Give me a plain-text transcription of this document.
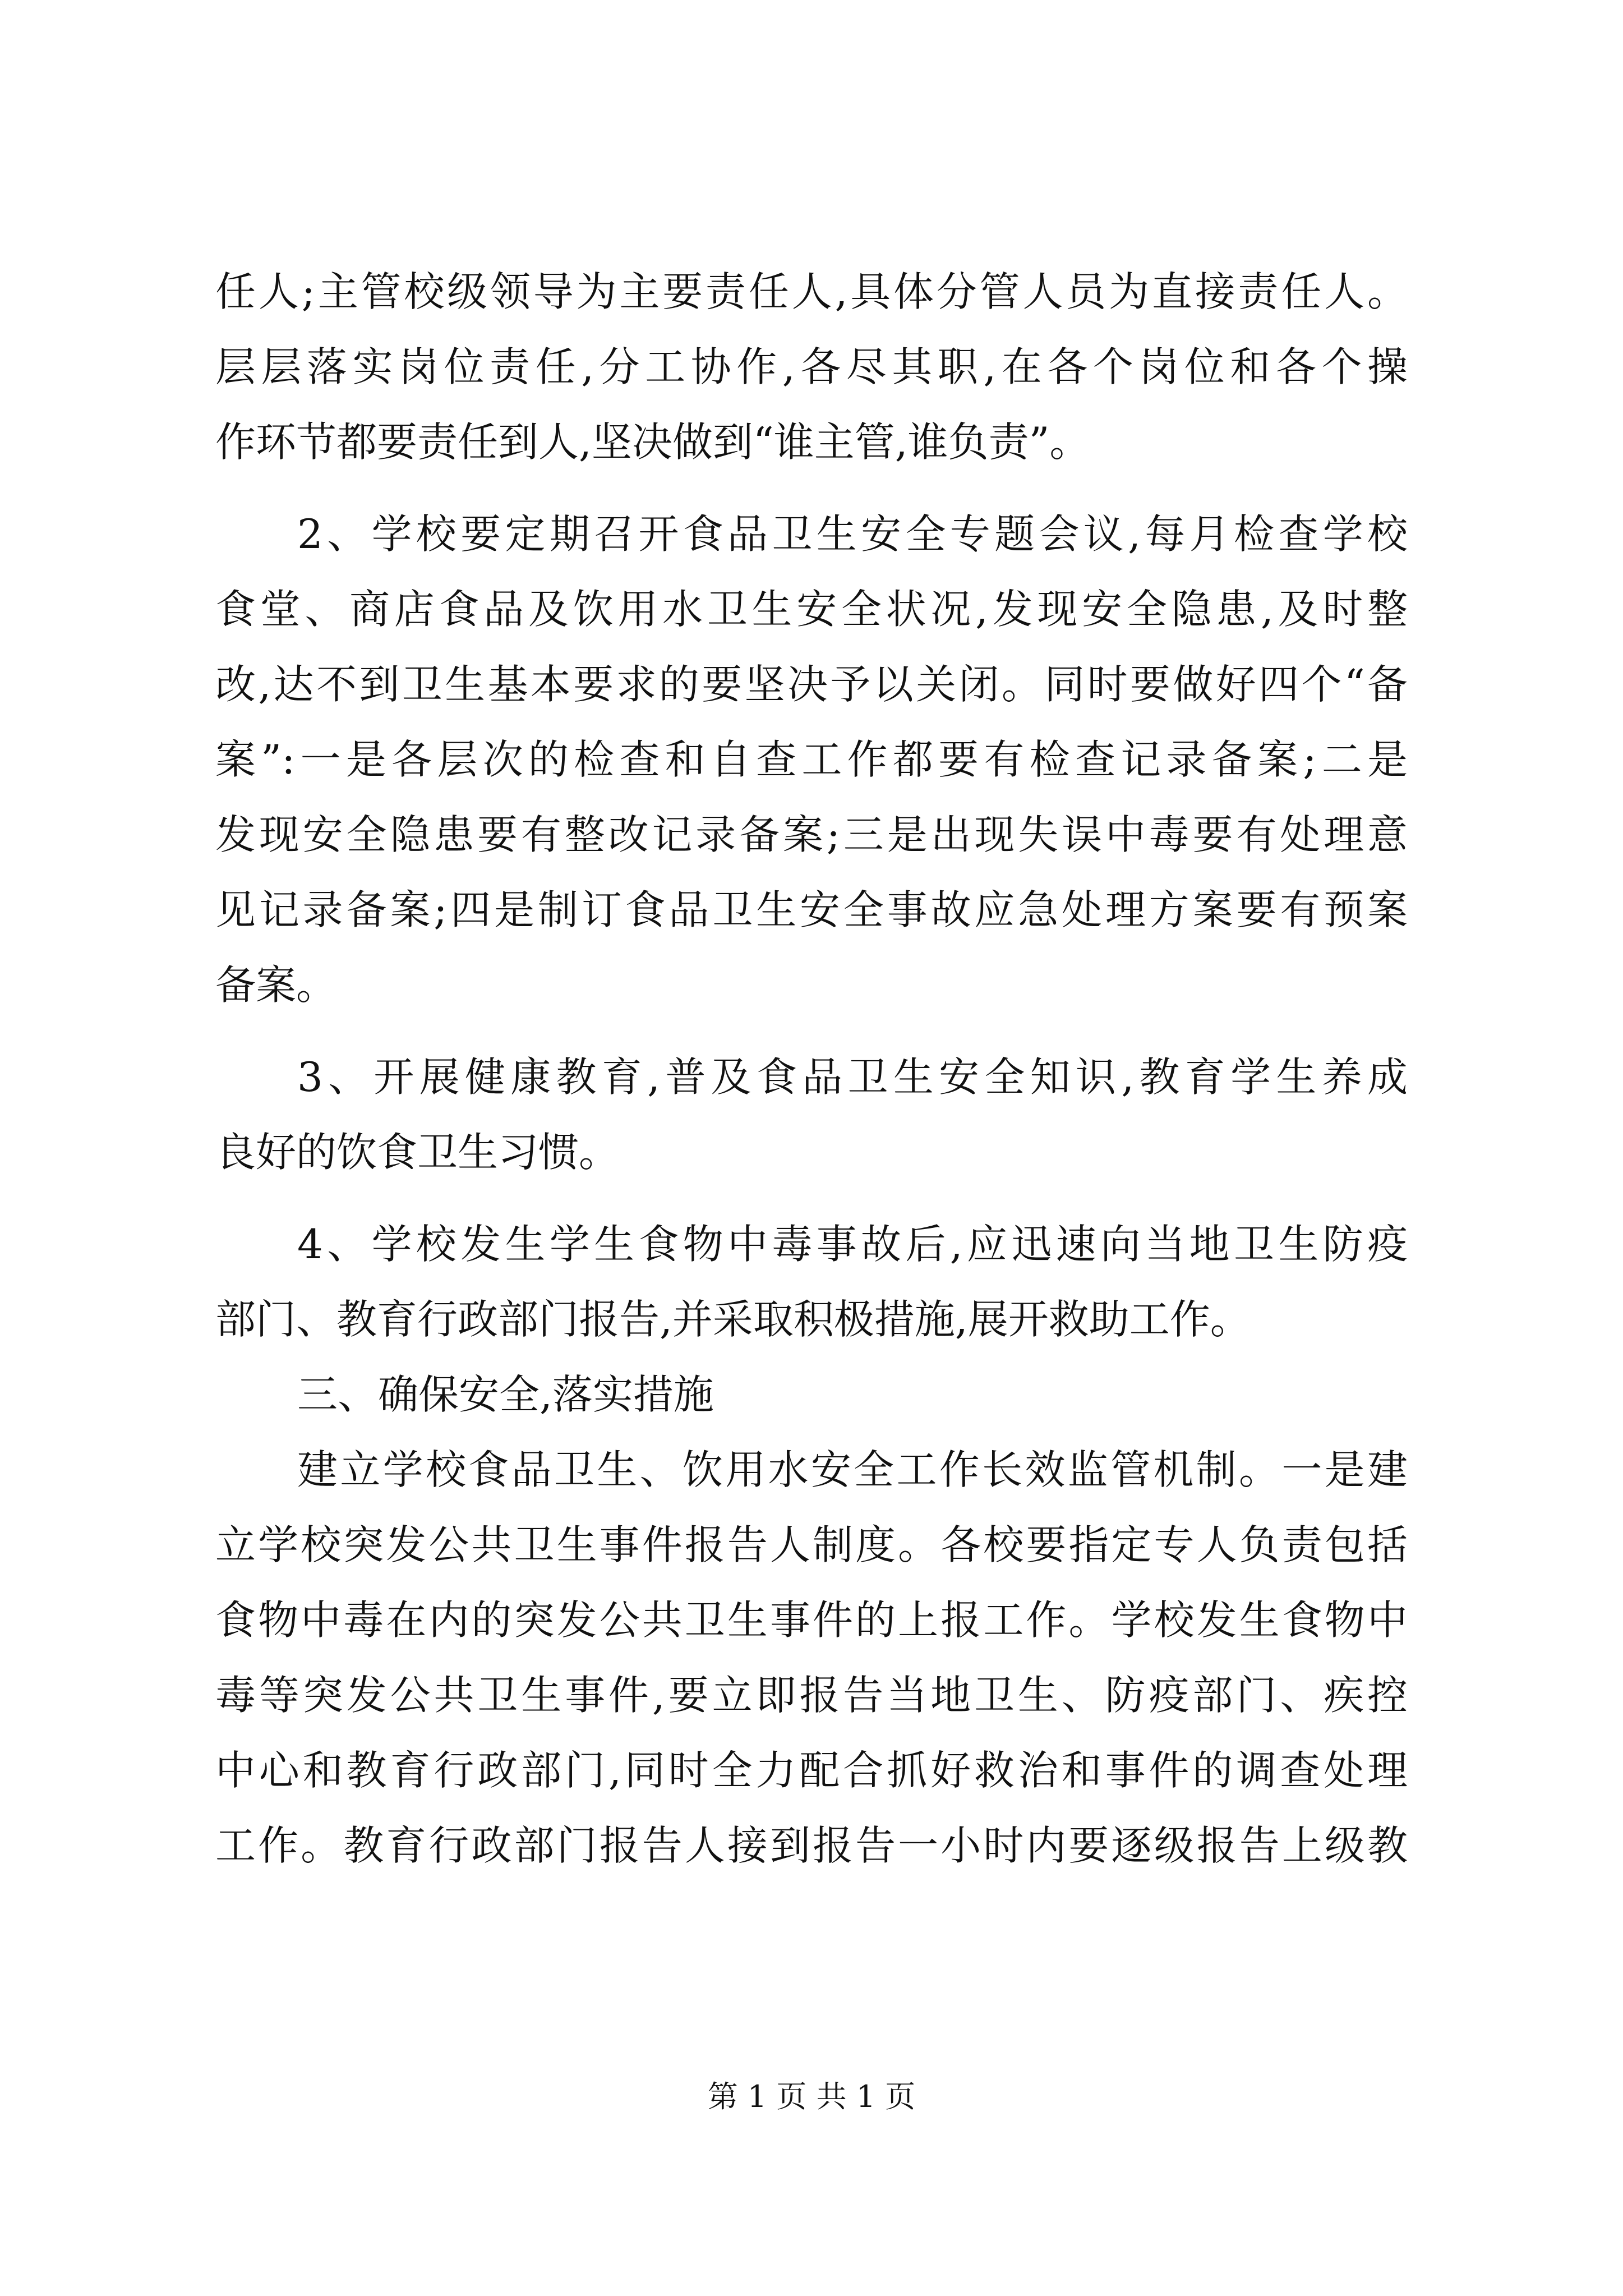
任人;主管校级领导为主要责任人,具体分管人员为直接责任人。
层层落实岗位责任,分工协作,各尽其职,在各个岗位和各个操
作环节都要责任到人,坚决做到“谁主管,谁负责”。
2、学校要定期召开食品卫生安全专题会议,每月检查学校
食堂、商店食品及饮用水卫生安全状况,发现安全隐患,及时整
改,达不到卫生基本要求的要坚决予以关闭。同时要做好四个“备
案”:一是各层次的检查和自查工作都要有检查记录备案;二是
发现安全隐患要有整改记录备案;三是出现失误中毒要有处理意
见记录备案;四是制订食品卫生安全事故应急处理方案要有预案
备案。
3、开展健康教育,普及食品卫生安全知识,教育学生养成
良好的饮食卫生习惯。
4、学校发生学生食物中毒事故后,应迅速向当地卫生防疫
部门、教育行政部门报告,并采取积极措施,展开救助工作。
三、确保安全,落实措施
建立学校食品卫生、饮用水安全工作长效监管机制。一是建
立学校突发公共卫生事件报告人制度。各校要指定专人负责包括
食物中毒在内的突发公共卫生事件的上报工作。学校发生食物中
毒等突发公共卫生事件,要立即报告当地卫生、防疫部门、疾控
中心和教育行政部门,同时全力配合抓好救治和事件的调查处理
工作。教育行政部门报告人接到报告一小时内要逐级报告上级教
第 1 页 共 1 页
